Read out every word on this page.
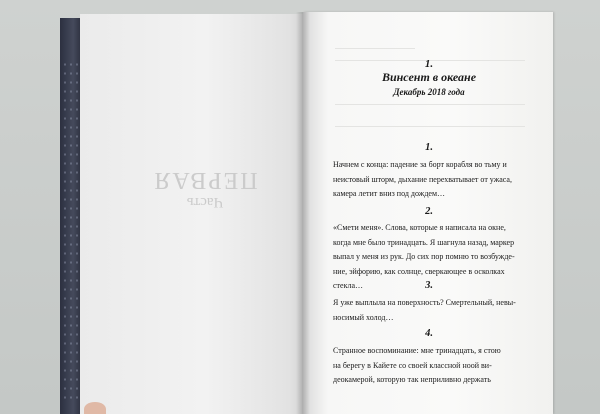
Часть
ПЕРВАЯ
1.
Винсент в океане
Декабрь 2018 года
1.
Начнем с конца: падение за борт корабля во тьму и
неистовый шторм, дыхание перехватывает от ужаса,
камера летит вниз под дождем…
2.
«Смети меня». Слова, которые я написала на окне,
когда мне было тринадцать. Я шагнула назад, маркер
выпал у меня из рук. До сих пор помню то возбужде-
ние, эйфорию, как солнце, сверкающее в осколках
стекла…	3.
Я уже выплыла на поверхность? Смертельный, невы-
носимый холод…
4.
Странное воспоминание: мне тринадцать, я стою
на берегу в Кайете со своей классной ноой ви-
деокамерой, которую так неприливно держать
